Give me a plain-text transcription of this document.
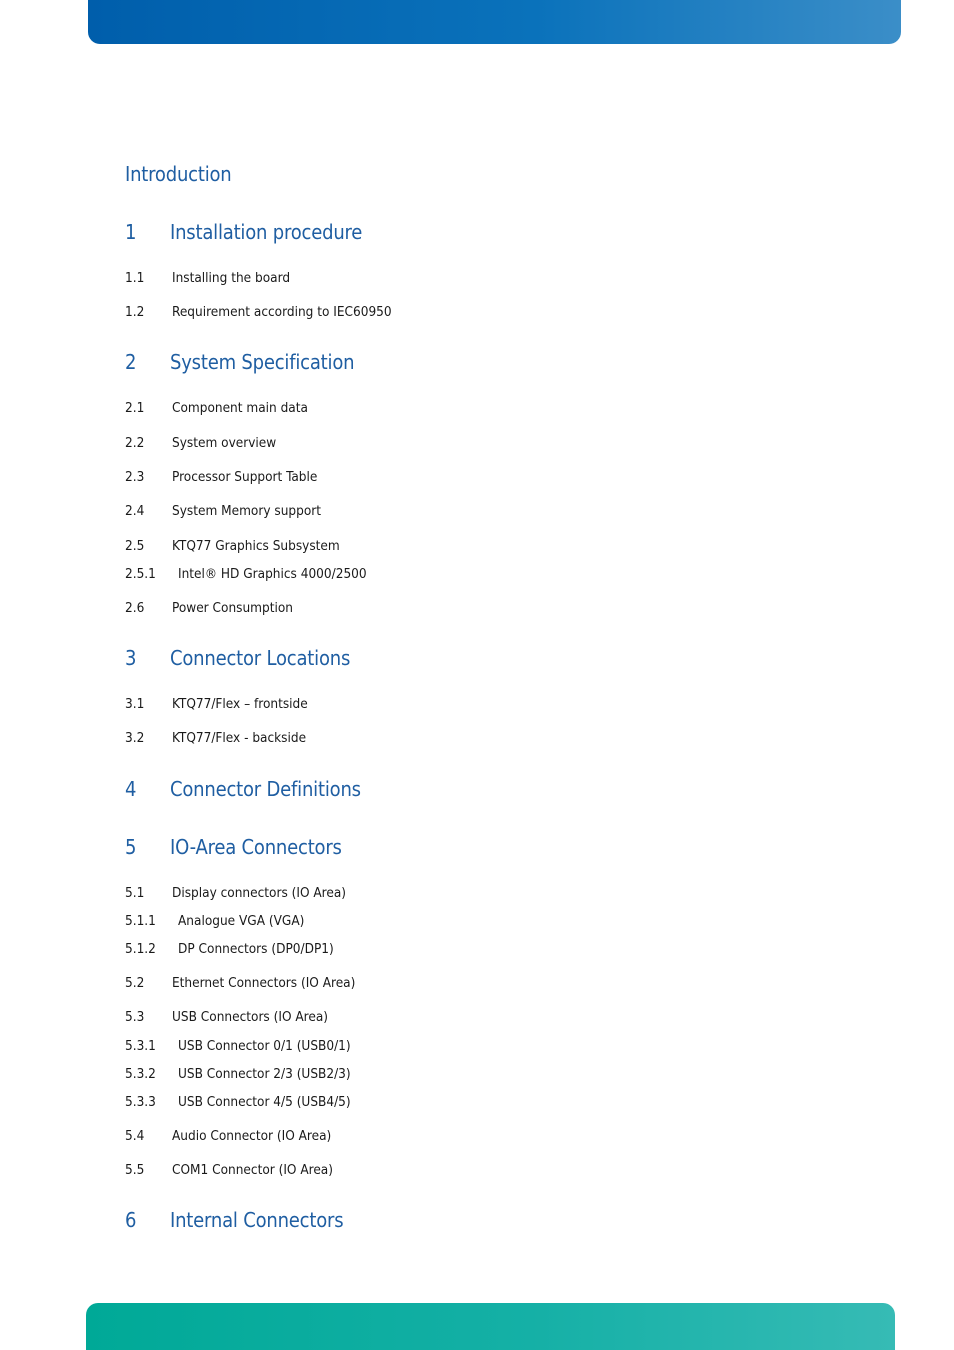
Introduction
1 Installation procedure
1.1 Installing the board
1.2 Requirement according to IEC60950
2 System Specification
2.1 Component main data
2.2 System overview
2.3 Processor Support Table
2.4 System Memory support
2.5 KTQ77 Graphics Subsystem
2.5.1 Intel® HD Graphics 4000/2500
2.6 Power Consumption
3 Connector Locations
3.1 KTQ77/Flex – frontside
3.2 KTQ77/Flex - backside
4 Connector Definitions
5 IO-Area Connectors
5.1 Display connectors (IO Area)
5.1.1 Analogue VGA (VGA)
5.1.2 DP Connectors (DP0/DP1)
5.2 Ethernet Connectors (IO Area)
5.3 USB Connectors (IO Area)
5.3.1 USB Connector 0/1 (USB0/1)
5.3.2 USB Connector 2/3 (USB2/3)
5.3.3 USB Connector 4/5 (USB4/5)
5.4 Audio Connector (IO Area)
5.5 COM1 Connector (IO Area)
6 Internal Connectors
